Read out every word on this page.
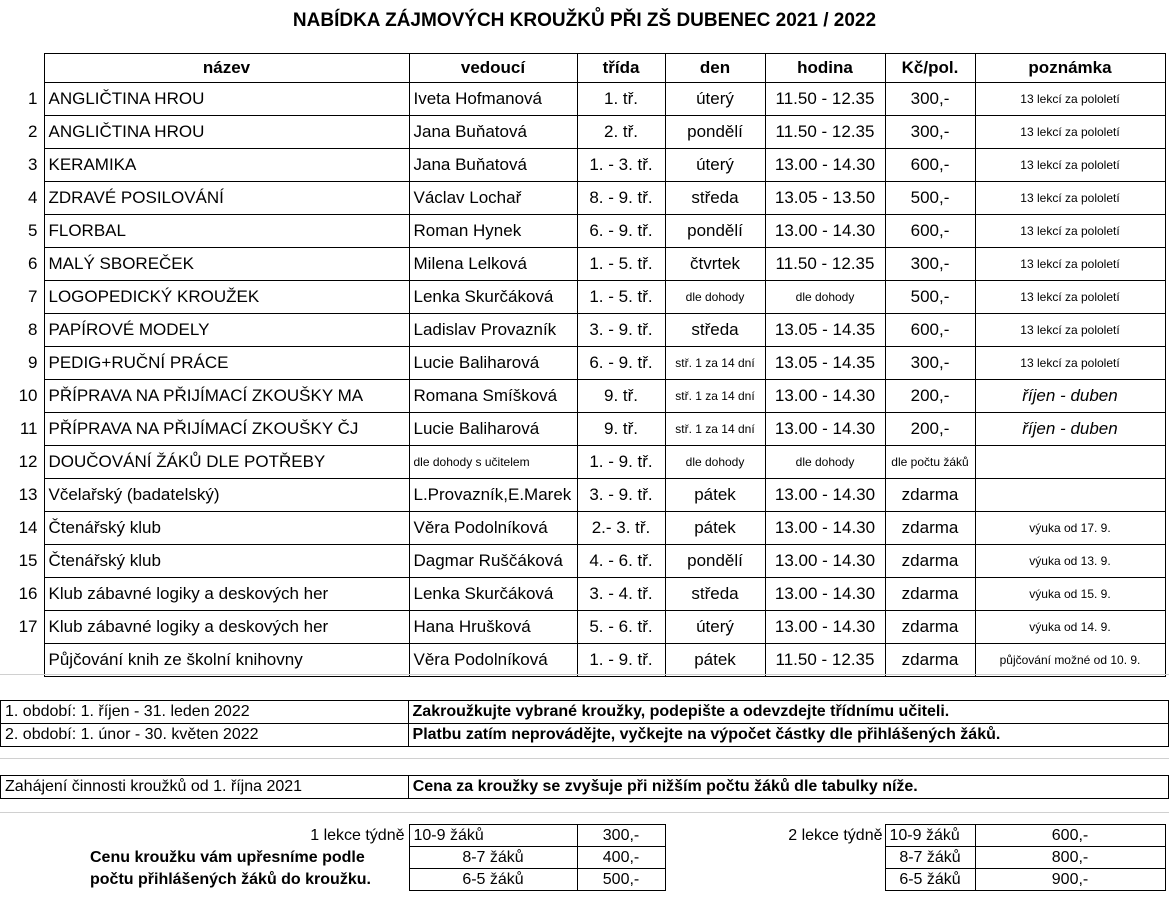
NABÍDKA ZÁJMOVÝCH KROUŽKŮ PŘI ZŠ DUBENEC 2021 / 2022
	název	vedoucí	třída	den	hodina	Kč/pol.	poznámka
1	ANGLIČTINA HROU	Iveta Hofmanová	1. tř.	úterý	11.50 - 12.35	300,-	13 lekcí za pololetí
2	ANGLIČTINA HROU	Jana Buňatová	2. tř.	pondělí	11.50 - 12.35	300,-	13 lekcí za pololetí
3	KERAMIKA	Jana Buňatová	1. - 3. tř.	úterý	13.00 - 14.30	600,-	13 lekcí za pololetí
4	ZDRAVÉ POSILOVÁNÍ	Václav Lochař	8. - 9. tř.	středa	13.05 - 13.50	500,-	13 lekcí za pololetí
5	FLORBAL	Roman Hynek	6. - 9. tř.	pondělí	13.00 - 14.30	600,-	13 lekcí za pololetí
6	MALÝ SBOREČEK	Milena Lelková	1. - 5. tř.	čtvrtek	11.50 - 12.35	300,-	13 lekcí za pololetí
7	LOGOPEDICKÝ KROUŽEK	Lenka Skurčáková	1. - 5. tř.	dle dohody	dle dohody	500,-	13 lekcí za pololetí
8	PAPÍROVÉ MODELY	Ladislav Provazník	3. - 9. tř.	středa	13.05 - 14.35	600,-	13 lekcí za pololetí
9	PEDIG+RUČNÍ PRÁCE	Lucie Baliharová	6. - 9. tř.	stř. 1 za 14 dní	13.05 - 14.35	300,-	13 lekcí za pololetí
10	PŘÍPRAVA NA PŘIJÍMACÍ ZKOUŠKY MA	Romana Smíšková	9. tř.	stř. 1 za 14 dní	13.00 - 14.30	200,-	říjen - duben
11	PŘÍPRAVA NA PŘIJÍMACÍ ZKOUŠKY ČJ	Lucie Baliharová	9. tř.	stř. 1 za 14 dní	13.00 - 14.30	200,-	říjen - duben
12	DOUČOVÁNÍ ŽÁKŮ DLE POTŘEBY	dle dohody s učitelem	1. - 9. tř.	dle dohody	dle dohody	dle počtu žáků	
13	Včelařský (badatelský)	L.Provazník,E.Marek	3. - 9. tř.	pátek	13.00 - 14.30	zdarma	
14	Čtenářský klub	Věra Podolníková	2.- 3. tř.	pátek	13.00 - 14.30	zdarma	výuka od 17. 9.
15	Čtenářský klub	Dagmar Ruščáková	4. - 6. tř.	pondělí	13.00 - 14.30	zdarma	výuka od 13. 9.
16	Klub zábavné logiky a deskových her	Lenka Skurčáková	3. - 4. tř.	středa	13.00 - 14.30	zdarma	výuka od 15. 9.
17	Klub zábavné logiky a deskových her	Hana Hrušková	5. - 6. tř.	úterý	13.00 - 14.30	zdarma	výuka od 14. 9.
	Půjčování knih ze školní knihovny	Věra Podolníková	1. - 9. tř.	pátek	11.50 - 12.35	zdarma	půjčování možné od 10. 9.
1. období: 1. říjen - 31. leden 2022	Zakroužkujte vybrané kroužky, podepište a odevzdejte třídnímu učiteli.
2. období: 1. únor - 30. květen 2022	Platbu zatím neprovádějte, vyčkejte na výpočet částky dle přihlášených žáků.
Zahájení činnosti kroužků od 1. října 2021	Cena za kroužky se zvyšuje při nižším počtu žáků dle tabulky níže.
	1 lekce týdně	10-9 žáků	300,-		2 lekce týdně	10-9 žáků	600,-
	Cenu kroužku vám upřesníme podle	8-7 žáků	400,-			8-7 žáků	800,-
	počtu přihlášených žáků do kroužku.	6-5 žáků	500,-			6-5 žáků	900,-
